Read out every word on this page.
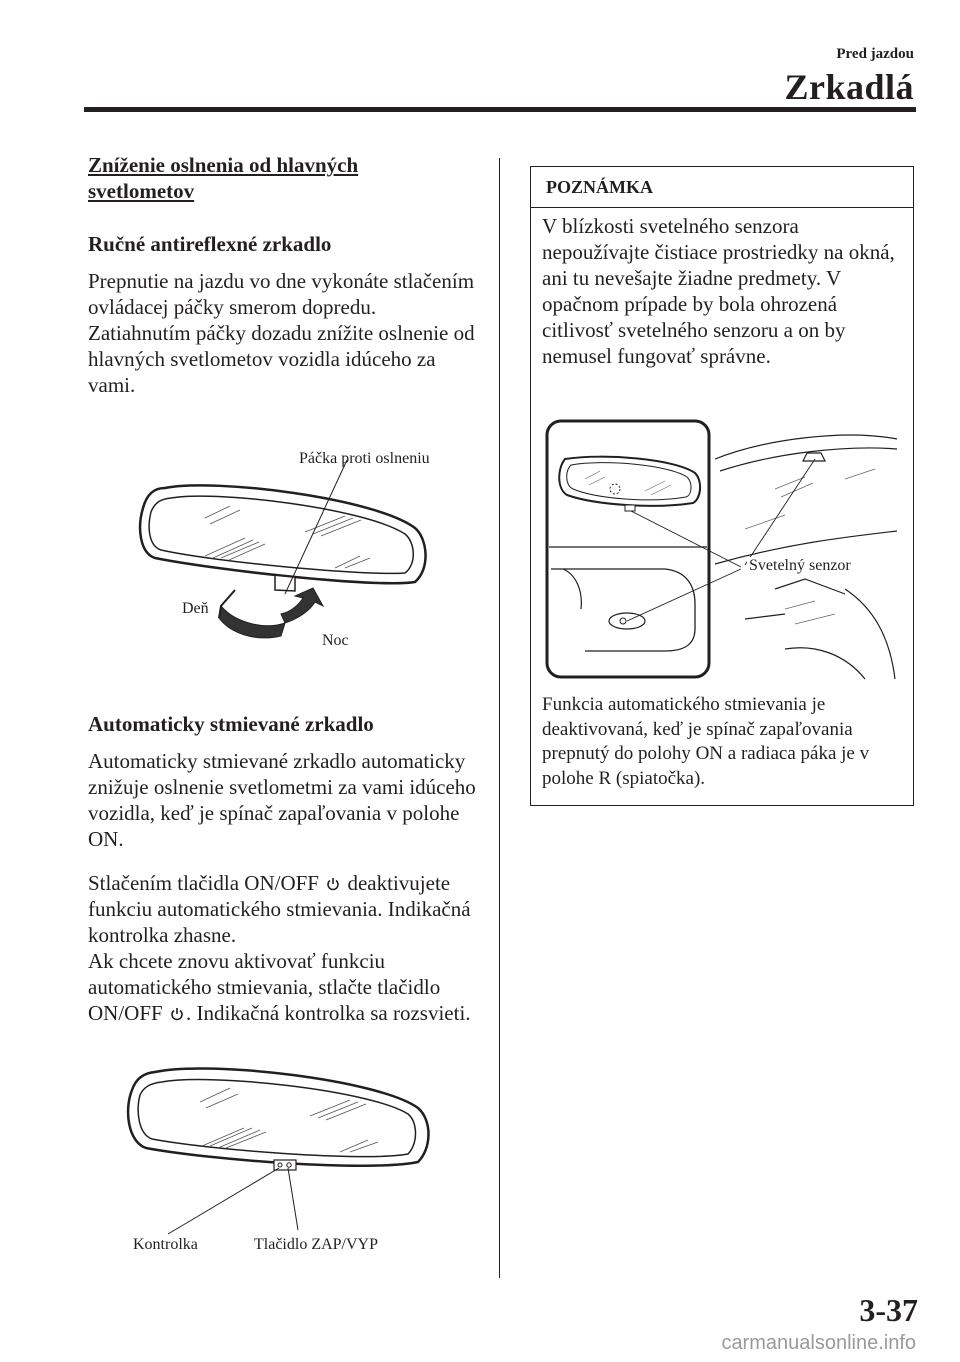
Pred jazdou
Zrkadlá
Zníženie oslnenia od hlavných svetlometov
Ručné antireflexné zrkadlo
Prepnutie na jazdu vo dne vykonáte stlačením ovládacej páčky smerom dopredu. Zatiahnutím páčky dozadu znížite oslnenie od hlavných svetlometov vozidla idúceho za vami.
Páčka proti oslneniu
Deň
Noc
Automaticky stmievané zrkadlo
Automaticky stmievané zrkadlo automaticky znižuje oslnenie svetlometmi za vami idúceho vozidla, keď je spínač zapaľovania v polohe ON.
Stlačením tlačidla ON/OFF deaktivujete funkciu automatického stmievania. Indikačná kontrolka zhasne.
Ak chcete znovu aktivovať funkciu automatického stmievania, stlačte tlačidlo ON/OFF . Indikačná kontrolka sa rozsvieti.
Kontrolka	Tlačidlo ZAP/VYP
POZNÁMKA
V blízkosti svetelného senzora nepoužívajte čistiace prostriedky na okná, ani tu nevešajte žiadne predmety. V opačnom prípade by bola ohrozená citlivosť svetelného senzoru a on by nemusel fungovať správne.
Svetelný senzor
Funkcia automatického stmievania je deaktivovaná, keď je spínač zapaľovania prepnutý do polohy ON a radiaca páka je v polohe R (spiatočka).
3-37
carmanualsonline.info
